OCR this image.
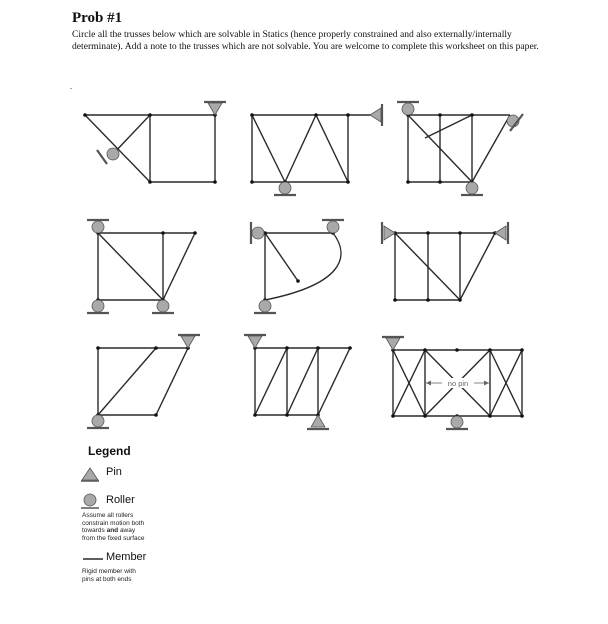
Prob #1
Circle all the trusses below which are solvable in Statics (hence properly constrained and also externally/internally determinate). Add a note to the trusses which are not solvable. You are welcome to complete this worksheet on this paper.
.
no pin
Legend
Pin
Roller
Assume all rollers
constrain motion both
towards and away
from the fixed surface
Member
Rigid member with
pins at both ends
